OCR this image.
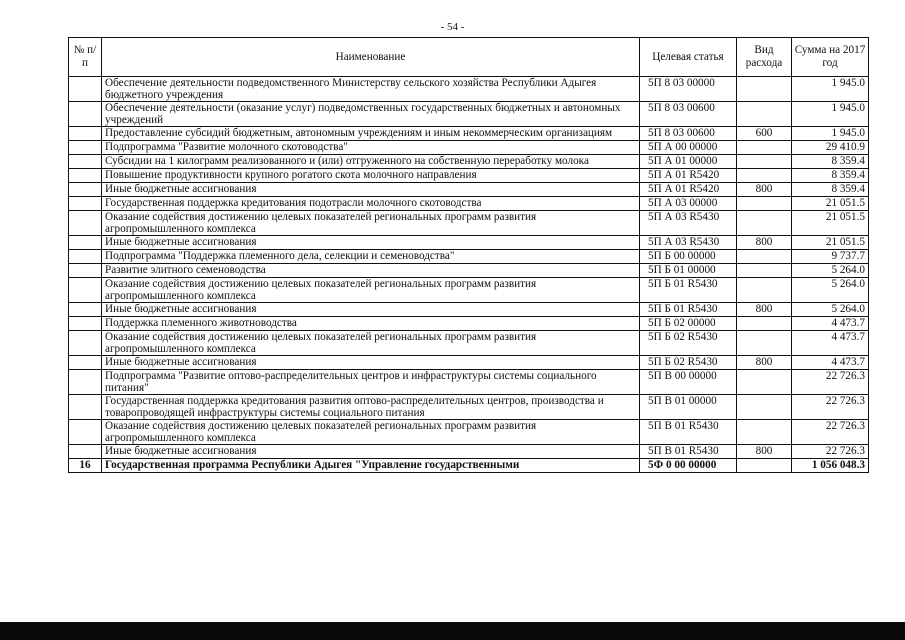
- 54 -
№ п/п	Наименование	Целевая статья	Вид расхода	Сумма на 2017 год
	Обеспечение деятельности подведомственного Министерству сельского хозяйства Республики Адыгея бюджетного учреждения	5П 8 03 00000		1 945.0
	Обеспечение деятельности (оказание услуг) подведомственных государственных бюджетных и автономных учреждений	5П 8 03 00600		1 945.0
	Предоставление субсидий бюджетным, автономным учреждениям и иным некоммерческим организациям	5П 8 03 00600	600	1 945.0
	Подпрограмма "Развитие молочного скотоводства"	5П А 00 00000		29 410.9
	Субсидии на 1 килограмм реализованного и (или) отгруженного на собственную переработку молока	5П А 01 00000		8 359.4
	Повышение продуктивности крупного рогатого скота молочного направления	5П А 01 R5420		8 359.4
	Иные бюджетные ассигнования	5П А 01 R5420	800	8 359.4
	Государственная поддержка кредитования подотрасли молочного скотоводства	5П А 03 00000		21 051.5
	Оказание содействия достижению целевых показателей региональных программ развития агропромышленного комплекса	5П А 03 R5430		21 051.5
	Иные бюджетные ассигнования	5П А 03 R5430	800	21 051.5
	Подпрограмма "Поддержка племенного дела, селекции и семеноводства"	5П Б 00 00000		9 737.7
	Развитие элитного семеноводства	5П Б 01 00000		5 264.0
	Оказание содействия достижению целевых показателей региональных программ развития агропромышленного комплекса	5П Б 01 R5430		5 264.0
	Иные бюджетные ассигнования	5П Б 01 R5430	800	5 264.0
	Поддержка племенного животноводства	5П Б 02 00000		4 473.7
	Оказание содействия достижению целевых показателей региональных программ развития агропромышленного комплекса	5П Б 02 R5430		4 473.7
	Иные бюджетные ассигнования	5П Б 02 R5430	800	4 473.7
	Подпрограмма "Развитие оптово-распределительных центров и инфраструктуры системы социального питания"	5П В 00 00000		22 726.3
	Государственная поддержка кредитования развития оптово-распределительных центров, производства и товаропроводящей инфраструктуры системы социального питания	5П В 01 00000		22 726.3
	Оказание содействия достижению целевых показателей региональных программ развития агропромышленного комплекса	5П В 01 R5430		22 726.3
	Иные бюджетные ассигнования	5П В 01 R5430	800	22 726.3
16	Государственная программа Республики Адыгея "Управление государственными	5Ф 0 00 00000		1 056 048.3
